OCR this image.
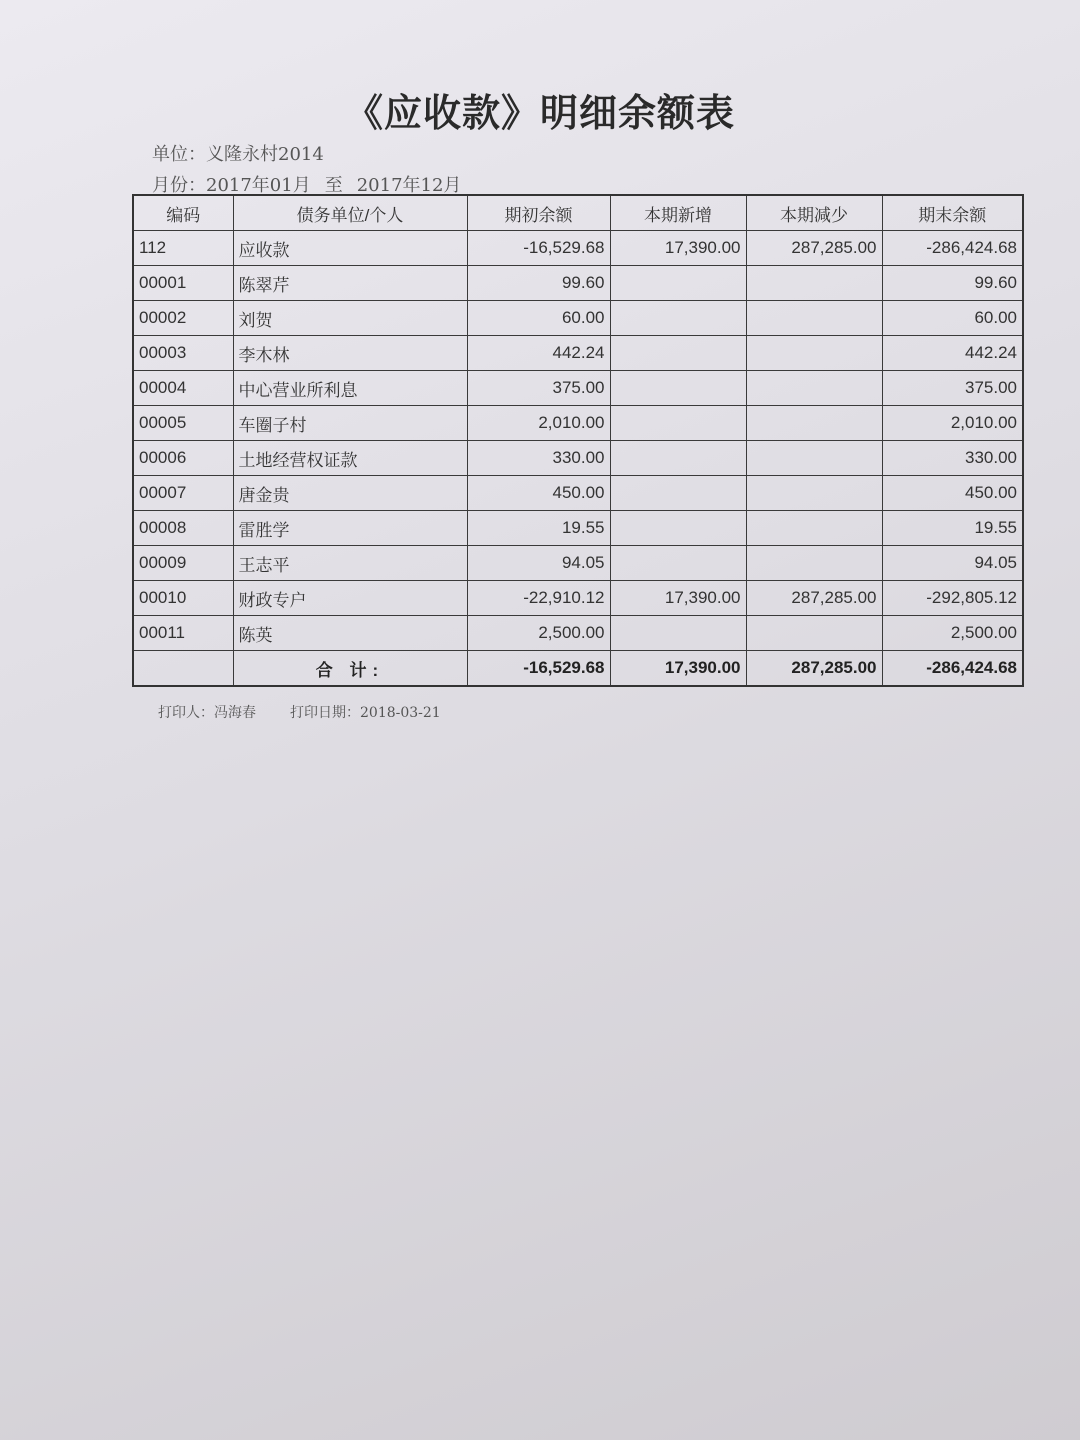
《应收款》明细余额表
单位：义隆永村2014
月份：2017年01月 至 2017年12月
编码	债务单位/个人	期初余额	本期新增	本期减少	期末余额
112	应收款	-16,529.68	17,390.00	287,285.00	-286,424.68
00001	陈翠芹	99.60			99.60
00002	刘贺	60.00			60.00
00003	李木林	442.24			442.24
00004	中心营业所利息	375.00			375.00
00005	车圈子村	2,010.00			2,010.00
00006	土地经营权证款	330.00			330.00
00007	唐金贵	450.00			450.00
00008	雷胜学	19.55			19.55
00009	王志平	94.05			94.05
00010	财政专户	-22,910.12	17,390.00	287,285.00	-292,805.12
00011	陈英	2,500.00			2,500.00
	合 计:	-16,529.68	17,390.00	287,285.00	-286,424.68
打印人：冯海春 打印日期：2018-03-21
